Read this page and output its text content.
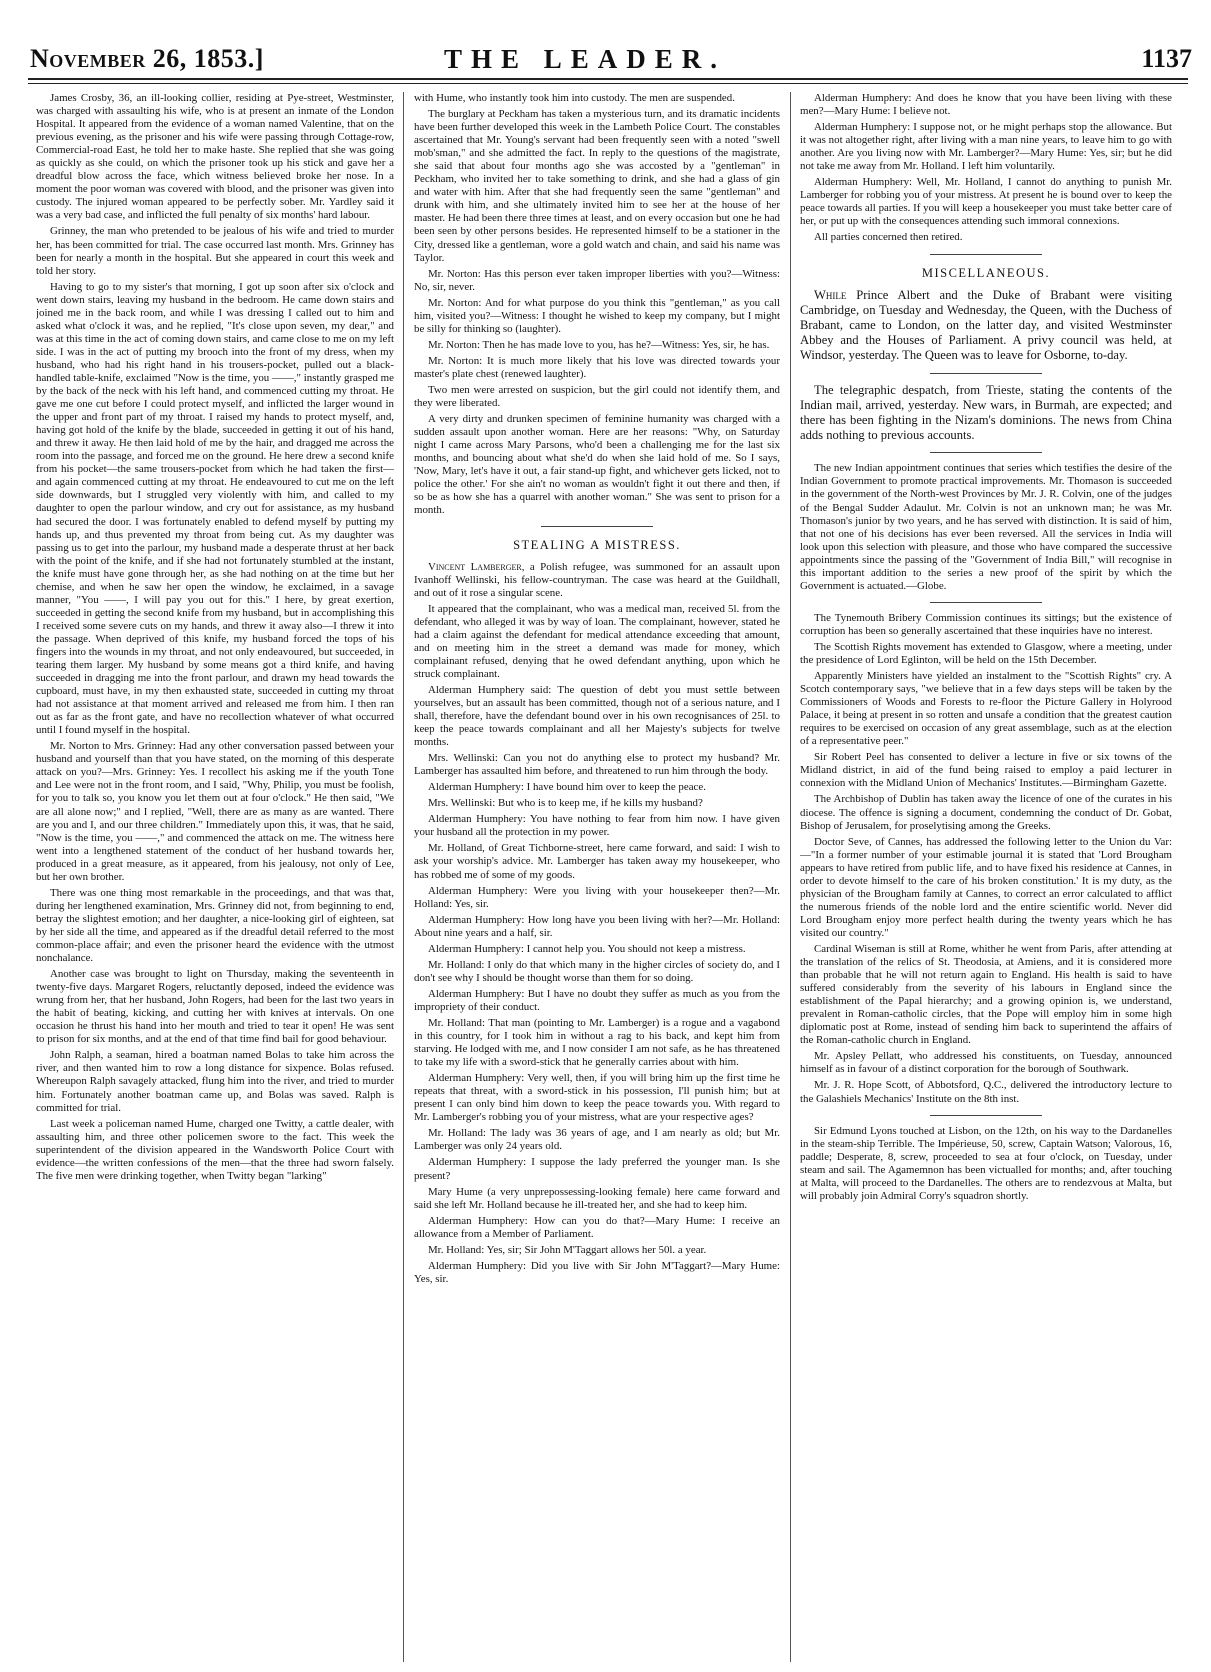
November 26, 1853.]	THE LEADER.	1137

James Crosby, 36, an ill-looking collier, residing at Pye-street, Westminster, was charged with assaulting his wife, who is at present an inmate of the London Hospital. It appeared from the evidence of a woman named Valentine, that on the previous evening, as the prisoner and his wife were passing through Cottage-row, Commercial-road East, he told her to make haste. She replied that she was going as quickly as she could, on which the prisoner took up his stick and gave her a dreadful blow across the face, which witness believed broke her nose. In a moment the poor woman was covered with blood, and the prisoner was given into custody. The injured woman appeared to be perfectly sober. Mr. Yardley said it was a very bad case, and inflicted the full penalty of six months' hard labour.

Grinney, the man who pretended to be jealous of his wife and tried to murder her, has been committed for trial. The case occurred last month. Mrs. Grinney has been for nearly a month in the hospital. But she appeared in court this week and told her story.

Having to go to my sister's that morning, I got up soon after six o'clock and went down stairs, leaving my husband in the bedroom. He came down stairs and joined me in the back room, and while I was dressing I called out to him and asked what o'clock it was, and he replied, "It's close upon seven, my dear," and was at this time in the act of coming down stairs, and came close to me on my left side. I was in the act of putting my brooch into the front of my dress, when my husband, who had his right hand in his trousers-pocket, pulled out a black-handled table-knife, exclaimed "Now is the time, you ——," instantly grasped me by the back of the neck with his left hand, and commenced cutting my throat. He gave me one cut before I could protect myself, and inflicted the larger wound in the upper and front part of my throat. I raised my hands to protect myself, and, having got hold of the knife by the blade, succeeded in getting it out of his hand, and threw it away. He then laid hold of me by the hair, and dragged me across the room into the passage, and forced me on the ground. He here drew a second knife from his pocket—the same trousers-pocket from which he had taken the first—and again commenced cutting at my throat. He endeavoured to cut me on the left side downwards, but I struggled very violently with him, and called to my daughter to open the parlour window, and cry out for assistance, as my husband had secured the door. I was fortunately enabled to defend myself by putting my hands up, and thus prevented my throat from being cut. As my daughter was passing us to get into the parlour, my husband made a desperate thrust at her back with the point of the knife, and if she had not fortunately stumbled at the instant, the knife must have gone through her, as she had nothing on at the time but her chemise, and when he saw her open the window, he exclaimed, in a savage manner, "You ——, I will pay you out for this." I here, by great exertion, succeeded in getting the second knife from my husband, but in accomplishing this I received some severe cuts on my hands, and threw it away also—I threw it into the passage. When deprived of this knife, my husband forced the tops of his fingers into the wounds in my throat, and not only endeavoured, but succeeded, in tearing them larger. My husband by some means got a third knife, and having succeeded in dragging me into the front parlour, and drawn my head towards the cupboard, must have, in my then exhausted state, succeeded in cutting my throat had not assistance at that moment arrived and released me from him. I then ran out as far as the front gate, and have no recollection whatever of what occurred until I found myself in the hospital.

Mr. Norton to Mrs. Grinney: Had any other conversation passed between your husband and yourself than that you have stated, on the morning of this desperate attack on you?—Mrs. Grinney: Yes. I recollect his asking me if the youth Tone and Lee were not in the front room, and I said, "Why, Philip, you must be foolish, for you to talk so, you know you let them out at four o'clock." He then said, "We are all alone now;" and I replied, "Well, there are as many as are wanted. There are you and I, and our three children." Immediately upon this, it was, that he said, "Now is the time, you ——," and commenced the attack on me. The witness here went into a lengthened statement of the conduct of her husband towards her, produced in a great measure, as it appeared, from his jealousy, not only of Lee, but her own brother.

There was one thing most remarkable in the proceedings, and that was that, during her lengthened examination, Mrs. Grinney did not, from beginning to end, betray the slightest emotion; and her daughter, a nice-looking girl of eighteen, sat by her side all the time, and appeared as if the dreadful detail referred to the most common-place affair; and even the prisoner heard the evidence with the utmost nonchalance.

Another case was brought to light on Thursday, making the seventeenth in twenty-five days. Margaret Rogers, reluctantly deposed, indeed the evidence was wrung from her, that her husband, John Rogers, had been for the last two years in the habit of beating, kicking, and cutting her with knives at intervals. On one occasion he thrust his hand into her mouth and tried to tear it open! He was sent to prison for six months, and at the end of that time find bail for good behaviour.

John Ralph, a seaman, hired a boatman named Bolas to take him across the river, and then wanted him to row a long distance for sixpence. Bolas refused. Whereupon Ralph savagely attacked, flung him into the river, and tried to murder him. Fortunately another boatman came up, and Bolas was saved. Ralph is committed for trial.

Last week a policeman named Hume, charged one Twitty, a cattle dealer, with assaulting him, and three other policemen swore to the fact. This week the superintendent of the division appeared in the Wandsworth Police Court with evidence—the written confessions of the men—that the three had sworn falsely. The five men were drinking together, when Twitty began "larking"

with Hume, who instantly took him into custody. The men are suspended.

The burglary at Peckham has taken a mysterious turn, and its dramatic incidents have been further developed this week in the Lambeth Police Court. The constables ascertained that Mr. Young's servant had been frequently seen with a noted "swell mob'sman," and she admitted the fact. In reply to the questions of the magistrate, she said that about four months ago she was accosted by a "gentleman" in Peckham, who invited her to take something to drink, and she had a glass of gin and water with him. After that she had frequently seen the same "gentleman" and drunk with him, and she ultimately invited him to see her at the house of her master. He had been there three times at least, and on every occasion but one he had been seen by other persons besides. He represented himself to be a stationer in the City, dressed like a gentleman, wore a gold watch and chain, and said his name was Taylor.

Mr. Norton: Has this person ever taken improper liberties with you?—Witness: No, sir, never.

Mr. Norton: And for what purpose do you think this "gentleman," as you call him, visited you?—Witness: I thought he wished to keep my company, but I might be silly for thinking so (laughter).

Mr. Norton: Then he has made love to you, has he?—Witness: Yes, sir, he has.

Mr. Norton: It is much more likely that his love was directed towards your master's plate chest (renewed laughter).

Two men were arrested on suspicion, but the girl could not identify them, and they were liberated.

A very dirty and drunken specimen of feminine humanity was charged with a sudden assault upon another woman. Here are her reasons: "Why, on Saturday night I came across Mary Parsons, who'd been a challenging me for the last six months, and bouncing about what she'd do when she laid hold of me. So I says, 'Now, Mary, let's have it out, a fair stand-up fight, and whichever gets licked, not to police the other.' For she ain't no woman as wouldn't fight it out there and then, if so be as how she has a quarrel with another woman." She was sent to prison for a month.

STEALING A MISTRESS.

Vincent Lamberger, a Polish refugee, was summoned for an assault upon Ivanhoff Wellinski, his fellow-countryman. The case was heard at the Guildhall, and out of it rose a singular scene.

It appeared that the complainant, who was a medical man, received 5l. from the defendant, who alleged it was by way of loan. The complainant, however, stated he had a claim against the defendant for medical attendance exceeding that amount, and on meeting him in the street a demand was made for money, which complainant refused, denying that he owed defendant anything, upon which he struck complainant.

Alderman Humphery said: The question of debt you must settle between yourselves, but an assault has been committed, though not of a serious nature, and I shall, therefore, have the defendant bound over in his own recognisances of 25l. to keep the peace towards complainant and all her Majesty's subjects for twelve months.

Mrs. Wellinski: Can you not do anything else to protect my husband? Mr. Lamberger has assaulted him before, and threatened to run him through the body.

Alderman Humphery: I have bound him over to keep the peace.

Mrs. Wellinski: But who is to keep me, if he kills my husband?

Alderman Humphery: You have nothing to fear from him now. I have given your husband all the protection in my power.

Mr. Holland, of Great Tichborne-street, here came forward, and said: I wish to ask your worship's advice. Mr. Lamberger has taken away my housekeeper, who has robbed me of some of my goods.

Alderman Humphery: Were you living with your housekeeper then?—Mr. Holland: Yes, sir.

Alderman Humphery: How long have you been living with her?—Mr. Holland: About nine years and a half, sir.

Alderman Humphery: I cannot help you. You should not keep a mistress.

Mr. Holland: I only do that which many in the higher circles of society do, and I don't see why I should be thought worse than them for so doing.

Alderman Humphery: But I have no doubt they suffer as much as you from the impropriety of their conduct.

Mr. Holland: That man (pointing to Mr. Lamberger) is a rogue and a vagabond in this country, for I took him in without a rag to his back, and kept him from starving. He lodged with me, and I now consider I am not safe, as he has threatened to take my life with a sword-stick that he generally carries about with him.

Alderman Humphery: Very well, then, if you will bring him up the first time he repeats that threat, with a sword-stick in his possession, I'll punish him; but at present I can only bind him down to keep the peace towards you. With regard to Mr. Lamberger's robbing you of your mistress, what are your respective ages?

Mr. Holland: The lady was 36 years of age, and I am nearly as old; but Mr. Lamberger was only 24 years old.

Alderman Humphery: I suppose the lady preferred the younger man. Is she present?

Mary Hume (a very unprepossessing-looking female) here came forward and said she left Mr. Holland because he ill-treated her, and she had to keep him.

Alderman Humphery: How can you do that?—Mary Hume: I receive an allowance from a Member of Parliament.

Mr. Holland: Yes, sir; Sir John M'Taggart allows her 50l. a year.

Alderman Humphery: Did you live with Sir John M'Taggart?—Mary Hume: Yes, sir.

Alderman Humphery: And does he know that you have been living with these men?—Mary Hume: I believe not.

Alderman Humphery: I suppose not, or he might perhaps stop the allowance. But it was not altogether right, after living with a man nine years, to leave him to go with another. Are you living now with Mr. Lamberger?—Mary Hume: Yes, sir; but he did not take me away from Mr. Holland. I left him voluntarily.

Alderman Humphery: Well, Mr. Holland, I cannot do anything to punish Mr. Lamberger for robbing you of your mistress. At present he is bound over to keep the peace towards all parties. If you will keep a housekeeper you must take better care of her, or put up with the consequences attending such immoral connexions.

All parties concerned then retired.

MISCELLANEOUS.

While Prince Albert and the Duke of Brabant were visiting Cambridge, on Tuesday and Wednesday, the Queen, with the Duchess of Brabant, came to London, on the latter day, and visited Westminster Abbey and the Houses of Parliament. A privy council was held, at Windsor, yesterday. The Queen was to leave for Osborne, to-day.

The telegraphic despatch, from Trieste, stating the contents of the Indian mail, arrived, yesterday. New wars, in Burmah, are expected; and there has been fighting in the Nizam's dominions. The news from China adds nothing to previous accounts.

The new Indian appointment continues that series which testifies the desire of the Indian Government to promote practical improvements. Mr. Thomason is succeeded in the government of the North-west Provinces by Mr. J. R. Colvin, one of the judges of the Bengal Sudder Adaulut. Mr. Colvin is not an unknown man; he was Mr. Thomason's junior by two years, and he has served with distinction. It is said of him, that not one of his decisions has ever been reversed. All the services in India will look upon this selection with pleasure, and those who have compared the successive appointments since the passing of the "Government of India Bill," will recognise in this important addition to the series a new proof of the spirit by which the Government is actuated.—Globe.

The Tynemouth Bribery Commission continues its sittings; but the existence of corruption has been so generally ascertained that these inquiries have no interest.

The Scottish Rights movement has extended to Glasgow, where a meeting, under the presidence of Lord Eglinton, will be held on the 15th December.

Apparently Ministers have yielded an instalment to the "Scottish Rights" cry. A Scotch contemporary says, "we believe that in a few days steps will be taken by the Commissioners of Woods and Forests to re-floor the Picture Gallery in Holyrood Palace, it being at present in so rotten and unsafe a condition that the greatest caution requires to be exercised on occasion of any great assemblage, such as at the election of a representative peer."

Sir Robert Peel has consented to deliver a lecture in five or six towns of the Midland district, in aid of the fund being raised to employ a paid lecturer in connexion with the Midland Union of Mechanics' Institutes.—Birmingham Gazette.

The Archbishop of Dublin has taken away the licence of one of the curates in his diocese. The offence is signing a document, condemning the conduct of Dr. Gobat, Bishop of Jerusalem, for proselytising among the Greeks.

Doctor Seve, of Cannes, has addressed the following letter to the Union du Var:—"In a former number of your estimable journal it is stated that 'Lord Brougham appears to have retired from public life, and to have fixed his residence at Cannes, in order to devote himself to the care of his broken constitution.' It is my duty, as the physician of the Brougham family at Cannes, to correct an error calculated to afflict the numerous friends of the noble lord and the entire scientific world. Never did Lord Brougham enjoy more perfect health during the twenty years which he has visited our country."

Cardinal Wiseman is still at Rome, whither he went from Paris, after attending at the translation of the relics of St. Theodosia, at Amiens, and it is considered more than probable that he will not return again to England. His health is said to have suffered considerably from the severity of his labours in England since the establishment of the Papal hierarchy; and a growing opinion is, we understand, prevalent in Roman-catholic circles, that the Pope will employ him in some high diplomatic post at Rome, instead of sending him back to superintend the affairs of the Roman-catholic church in England.

Mr. Apsley Pellatt, who addressed his constituents, on Tuesday, announced himself as in favour of a distinct corporation for the borough of Southwark.

Mr. J. R. Hope Scott, of Abbotsford, Q.C., delivered the introductory lecture to the Galashiels Mechanics' Institute on the 8th inst.

Sir Edmund Lyons touched at Lisbon, on the 12th, on his way to the Dardanelles in the steam-ship Terrible. The Impérieuse, 50, screw, Captain Watson; Valorous, 16, paddle; Desperate, 8, screw, proceeded to sea at four o'clock, on Tuesday, under steam and sail. The Agamemnon has been victualled for months; and, after touching at Malta, will proceed to the Dardanelles. The others are to rendezvous at Malta, but will probably join Admiral Corry's squadron shortly.
